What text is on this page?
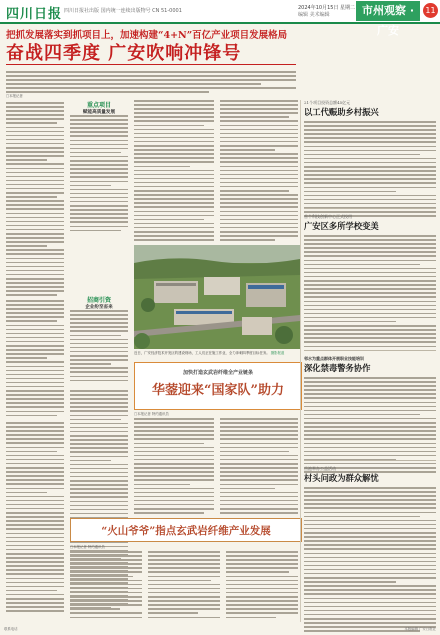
四川日报 四川日报社出版 国内统一连续出版物号 CN 51-0001	2024年10月15日 星期二
编辑 美术编辑	市州观察 · 广安
11
把抓发展落实到抓项目上，加速构建“4+N”百亿产业项目发展格局
奋战四季度 广安吹响冲锋号
□本报记者
重点项目
赋能高质量发展
招商引资
企业纷至沓来
近日，广安经济技术开发区的建设现场，工人们正在施工作业，全力冲刺四季度目标任务。 摄影报道
加快打造玄武岩纤维全产业链条
华蓥迎来“国家队”助力
□本报记者 特约通讯员
“火山爷爷”指点玄武岩纤维产业发展
□本报记者 特约通讯员
21个项目投资总额45亿元
以工代赈助乡村振兴
首个科技创新中心正式投用
广安区多所学校变美
邻水为重点群体开展职业技能培训
深化禁毒警务协作
岳池举办公益活动
村头问政为群众解忧
联系电话	本版编辑 广安日报社
